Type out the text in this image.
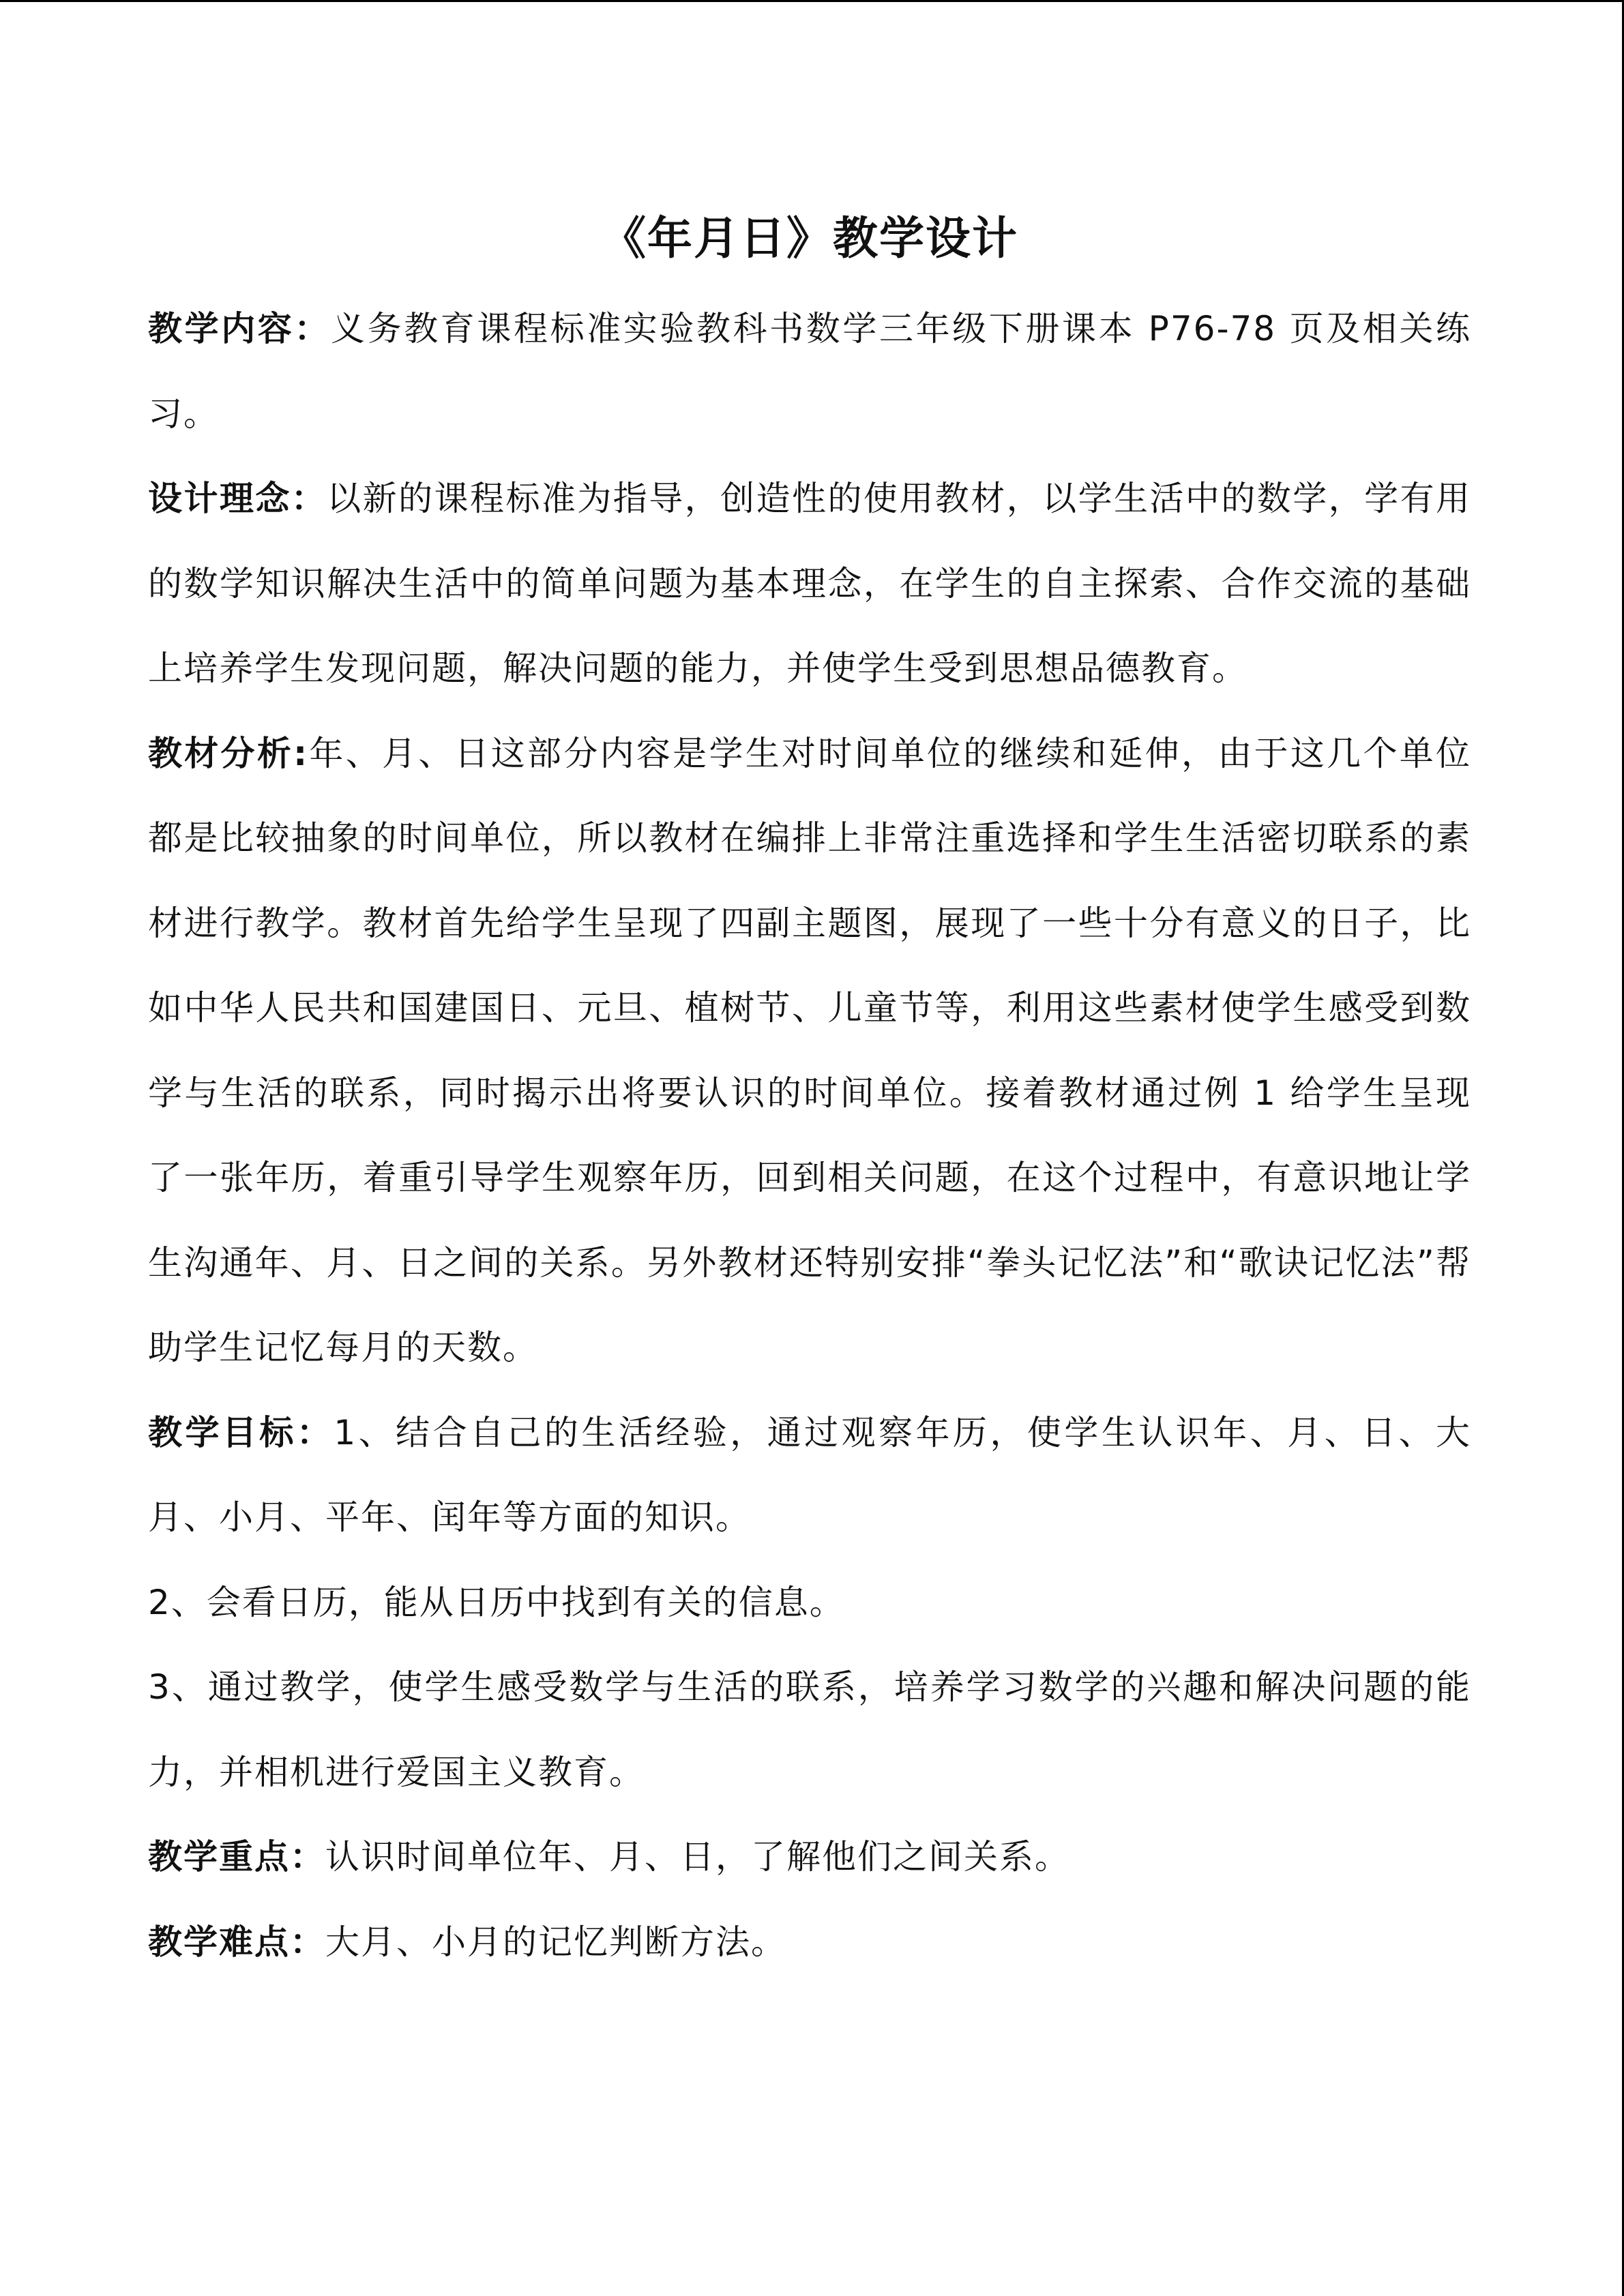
《年月日》教学设计

教学内容：义务教育课程标准实验教科书数学三年级下册课本 P76-78 页及相关练习。

设计理念：以新的课程标准为指导，创造性的使用教材，以学生活中的数学，学有用的数学知识解决生活中的简单问题为基本理念，在学生的自主探索、合作交流的基础上培养学生发现问题，解决问题的能力，并使学生受到思想品德教育。

教材分析:年、月、日这部分内容是学生对时间单位的继续和延伸，由于这几个单位都是比较抽象的时间单位，所以教材在编排上非常注重选择和学生生活密切联系的素材进行教学。教材首先给学生呈现了四副主题图，展现了一些十分有意义的日子，比如中华人民共和国建国日、元旦、植树节、儿童节等，利用这些素材使学生感受到数学与生活的联系，同时揭示出将要认识的时间单位。接着教材通过例 1 给学生呈现了一张年历，着重引导学生观察年历，回到相关问题，在这个过程中，有意识地让学生沟通年、月、日之间的关系。另外教材还特别安排“拳头记忆法”和“歌诀记忆法”帮助学生记忆每月的天数。

教学目标：1、结合自己的生活经验，通过观察年历，使学生认识年、月、日、大月、小月、平年、闰年等方面的知识。

2、会看日历，能从日历中找到有关的信息。

3、通过教学，使学生感受数学与生活的联系，培养学习数学的兴趣和解决问题的能力，并相机进行爱国主义教育。

教学重点：认识时间单位年、月、日，了解他们之间关系。

教学难点：大月、小月的记忆判断方法。
